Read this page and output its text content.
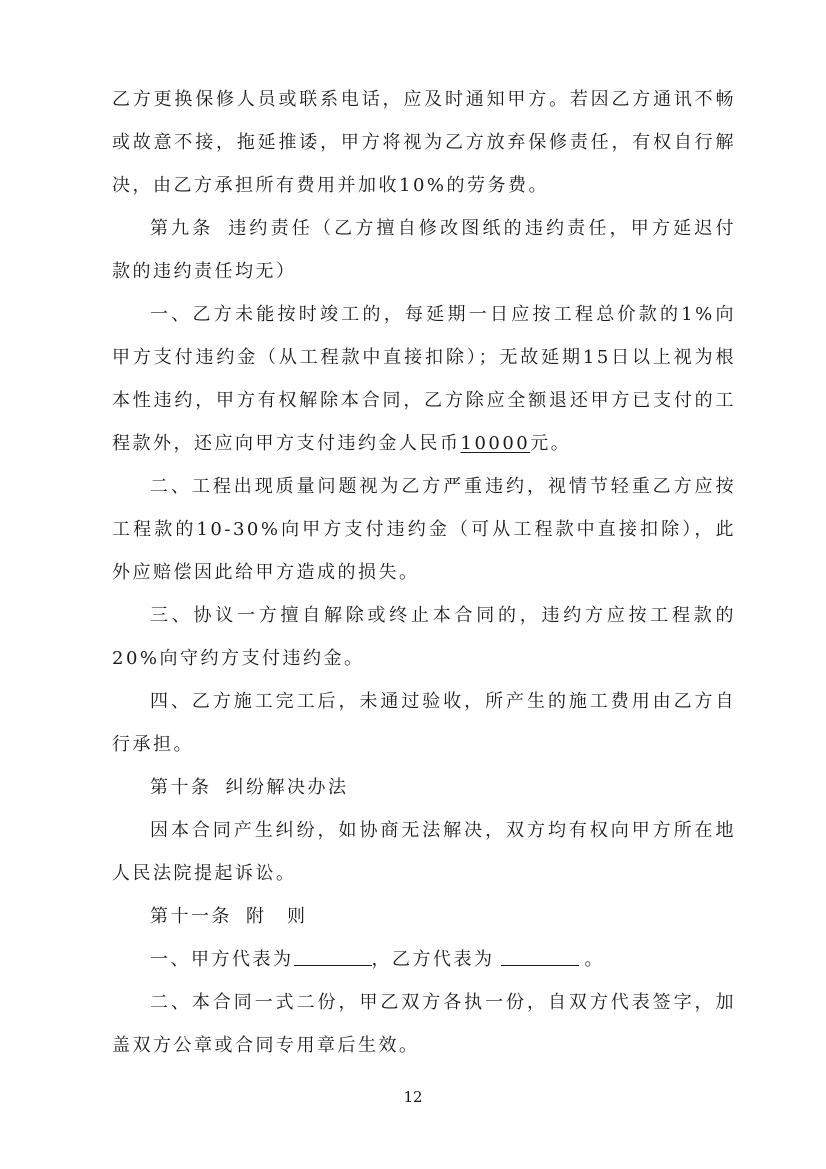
乙方更换保修人员或联系电话，应及时通知甲方。若因乙方通讯不畅或故意不接，拖延推诿，甲方将视为乙方放弃保修责任，有权自行解决，由乙方承担所有费用并加收10%的劳务费。

第九条 违约责任（乙方擅自修改图纸的违约责任，甲方延迟付款的违约责任均无）

一、乙方未能按时竣工的，每延期一日应按工程总价款的1%向甲方支付违约金（从工程款中直接扣除）；无故延期15日以上视为根本性违约，甲方有权解除本合同，乙方除应全额退还甲方已支付的工程款外，还应向甲方支付违约金人民币10000元。

二、工程出现质量问题视为乙方严重违约，视情节轻重乙方应按工程款的10-30%向甲方支付违约金（可从工程款中直接扣除），此外应赔偿因此给甲方造成的损失。

三、协议一方擅自解除或终止本合同的，违约方应按工程款的20%向守约方支付违约金。

四、乙方施工完工后，未通过验收，所产生的施工费用由乙方自行承担。

第十条 纠纷解决办法

因本合同产生纠纷，如协商无法解决，双方均有权向甲方所在地人民法院提起诉讼。

第十一条 附　则

一、甲方代表为	，乙方代表为	。

二、本合同一式二份，甲乙双方各执一份，自双方代表签字，加盖双方公章或合同专用章后生效。

12
